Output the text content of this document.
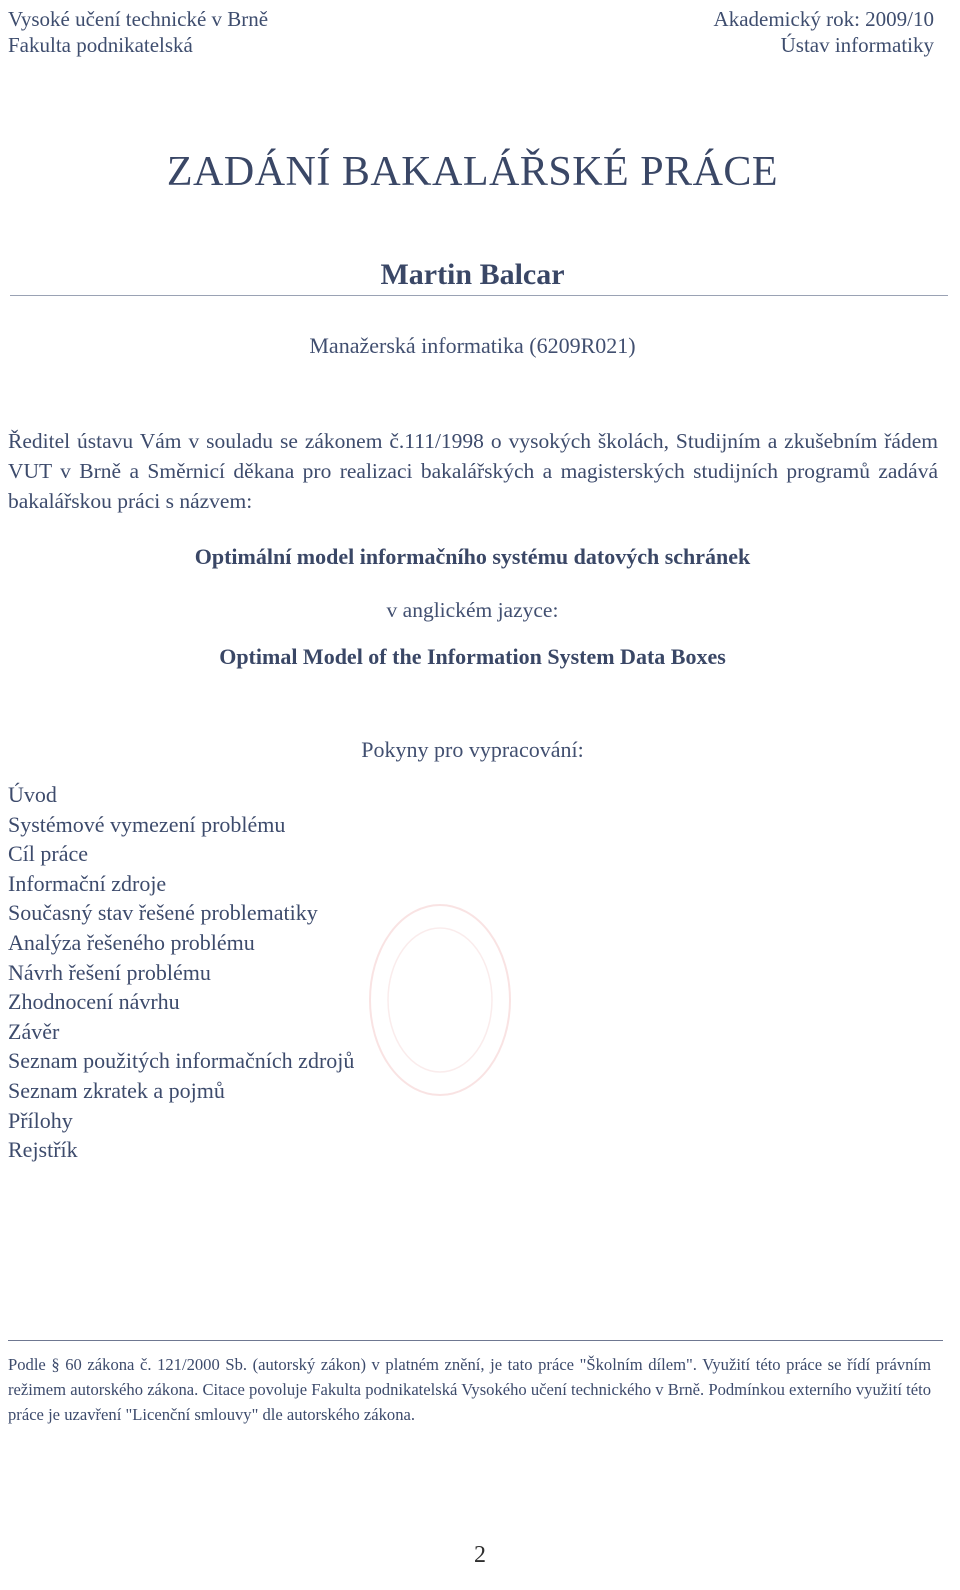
Vysoké učení technické v Brně
Fakulta podnikatelská
Akademický rok: 2009/10
Ústav informatiky
ZADÁNÍ BAKALÁŘSKÉ PRÁCE
Martin Balcar
Manažerská informatika (6209R021)
Ředitel ústavu Vám v souladu se zákonem č.111/1998 o vysokých školách, Studijním a zkušebním řádem VUT v Brně a Směrnicí děkana pro realizaci bakalářských a magisterských studijních programů zadává bakalářskou práci s názvem:
Optimální model informačního systému datových schránek
v anglickém jazyce:
Optimal Model of the Information System Data Boxes
Pokyny pro vypracování:
Úvod
Systémové vymezení problému
Cíl práce
Informační zdroje
Současný stav řešené problematiky
Analýza řešeného problému
Návrh řešení problému
Zhodnocení návrhu
Závěr
Seznam použitých informačních zdrojů
Seznam zkratek a pojmů
Přílohy
Rejstřík
Podle § 60 zákona č. 121/2000 Sb. (autorský zákon) v platném znění, je tato práce "Školním dílem". Využití této práce se řídí právním režimem autorského zákona. Citace povoluje Fakulta podnikatelská Vysokého učení technického v Brně. Podmínkou externího využití této práce je uzavření "Licenční smlouvy" dle autorského zákona.
2
